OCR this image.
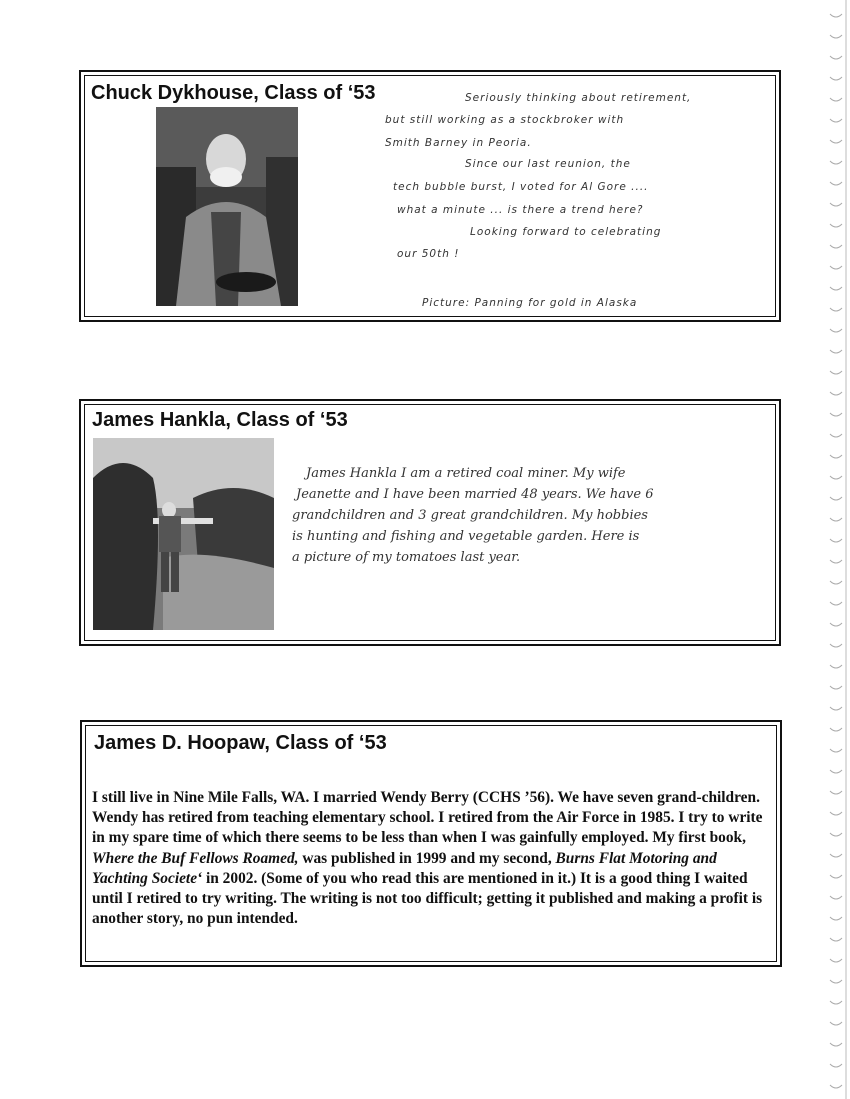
Chuck Dykhouse, Class of ‘53	Seriously thinking about retirement,
but still working as a stockbroker with
Smith Barney in Peoria.
Since our last reunion, the
tech bubble burst, I voted for Al Gore ....
what a minute ... is there a trend here?
Looking forward to celebrating
our 50th !
Picture: Panning for gold in Alaska
James Hankla, Class of ‘53
James Hankla I am a retired coal miner. My wife
Jeanette and I have been married 48 years. We have 6
grandchildren and 3 great grandchildren. My hobbies
is hunting and fishing and vegetable garden. Here is
a picture of my tomatoes last year.
James D. Hoopaw, Class of ‘53

I still live in Nine Mile Falls, WA. I married Wendy Berry (CCHS ’56). We have seven grand-children. Wendy has retired from teaching elementary school. I retired from the Air Force in 1985. I try to write in my spare time of which there seems to be less than when I was gainfully employed. My first book, Where the Buf Fellows Roamed, was published in 1999 and my second, Burns Flat Motoring and Yachting Societe‘ in 2002. (Some of you who read this are mentioned in it.) It is a good thing I waited until I retired to try writing. The writing is not too difficult; getting it published and making a profit is another story, no pun intended.
